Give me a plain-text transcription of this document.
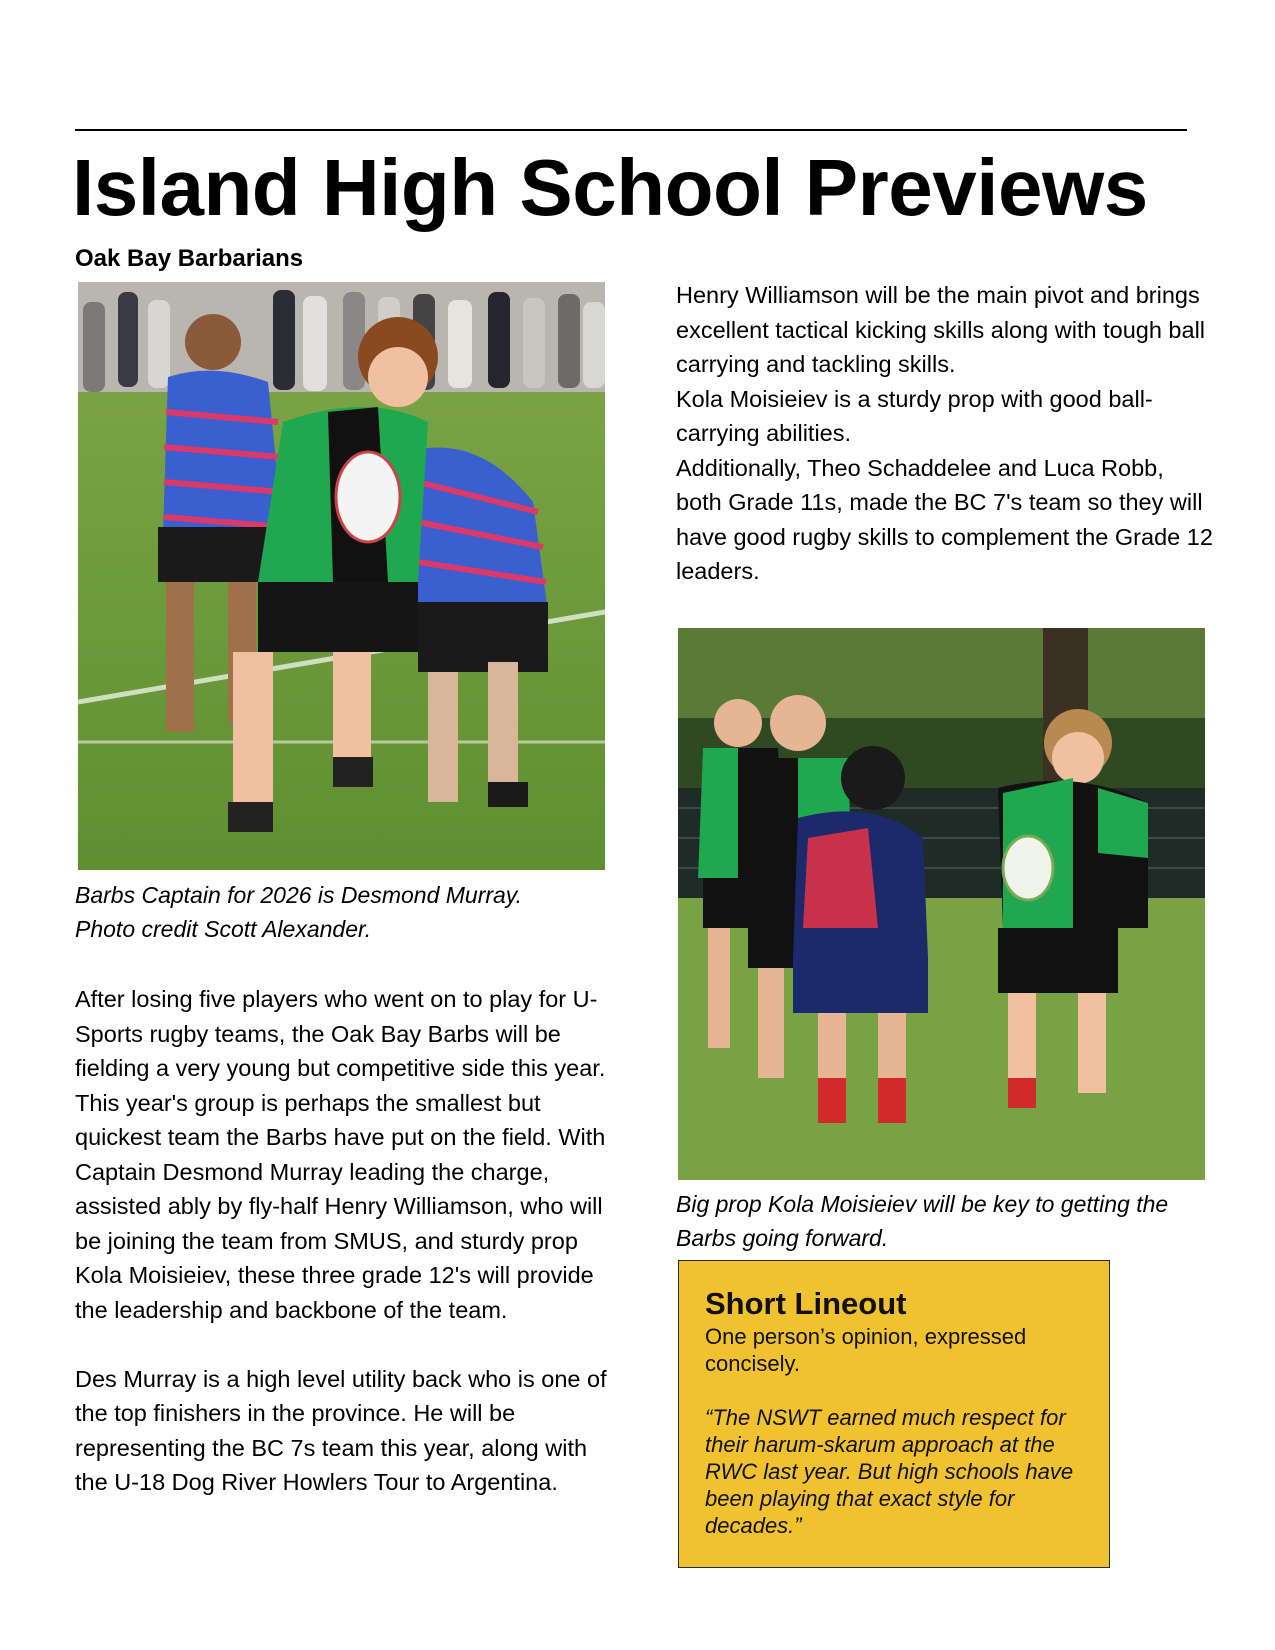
Island High School Previews
Oak Bay Barbarians

Barbs Captain for 2026 is Desmond Murray.
Photo credit Scott Alexander.

After losing five players who went on to play for U-Sports rugby teams, the Oak Bay Barbs will be fielding a very young but competitive side this year. This year's group is perhaps the smallest but quickest team the Barbs have put on the field. With Captain Desmond Murray leading the charge, assisted ably by fly-half Henry Williamson, who will be joining the team from SMUS, and sturdy prop Kola Moisieiev, these three grade 12's will provide the leadership and backbone of the team.

Des Murray is a high level utility back who is one of the top finishers in the province. He will be representing the BC 7s team this year, along with the U-18 Dog River Howlers Tour to Argentina.

Henry Williamson will be the main pivot and brings excellent tactical kicking skills along with tough ball carrying and tackling skills.

Kola Moisieiev is a sturdy prop with good ball-carrying abilities.

Additionally, Theo Schaddelee and Luca Robb, both Grade 11s, made the BC 7's team so they will have good rugby skills to complement the Grade 12 leaders.

Big prop Kola Moisieiev will be key to getting the Barbs going forward.

Short Lineout

One person’s opinion, expressed concisely.

“The NSWT earned much respect for their harum-skarum approach at the RWC last year. But high schools have been playing that exact style for decades.”
